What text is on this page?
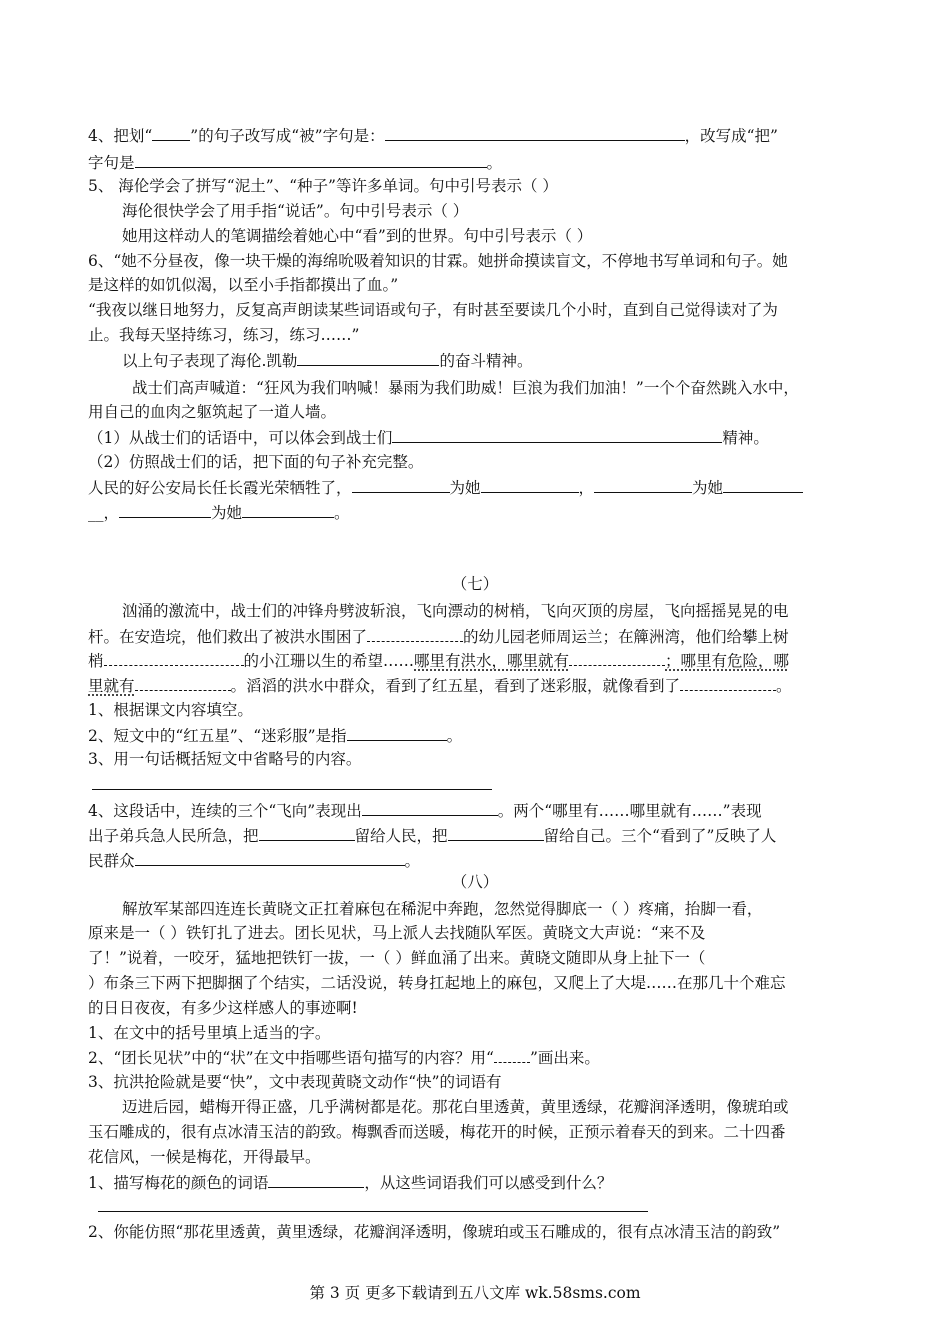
4、把划“ ”的句子改写成“被”字句是：	，改写成“把”
字句是	。
5、 海伦学会了拼写“泥土”、“种子”等许多单词。句中引号表示（ ）
海伦很快学会了用手指“说话”。句中引号表示（ ）
她用这样动人的笔调描绘着她心中“看”到的世界。句中引号表示（ ）
6、“她不分昼夜，像一块干燥的海绵吮吸着知识的甘霖。她拼命摸读盲文，不停地书写单词和句子。她
是这样的如饥似渴，以至小手指都摸出了血。”
“我夜以继日地努力，反复高声朗读某些词语或句子，有时甚至要读几个小时，直到自己觉得读对了为
止。我每天坚持练习，练习，练习……”
以上句子表现了海伦.凯勒	的奋斗精神。
战士们高声喊道：“狂风为我们呐喊！暴雨为我们助威！巨浪为我们加油！”一个个奋然跳入水中，
用自己的血肉之躯筑起了一道人墙。
（1）从战士们的话语中，可以体会到战士们	精神。
（2）仿照战士们的话，把下面的句子补充完整。
人民的好公安局长任长霞光荣牺牲了，	为她	，	为她
__，	为她	。
（七）
汹涌的激流中，战士们的冲锋舟劈波斩浪，飞向漂动的树梢，飞向灭顶的房屋，飞向摇摇晃晃的电
杆。在安造垸，他们救出了被洪水围困了	的幼儿园老师周运兰；在簰洲湾，他们给攀上树
梢	的小江珊以生的希望……哪里有洪水，哪里就有	；哪里有危险，哪
里就有	。滔滔的洪水中群众，看到了红五星，看到了迷彩服，就像看到了	。
1、根据课文内容填空。
2、短文中的“红五星”、“迷彩服”是指	。
3、用一句话概括短文中省略号的内容。
4、这段话中，连续的三个“飞向”表现出	。两个“哪里有……哪里就有……”表现
出子弟兵急人民所急，把	留给人民，把	留给自己。三个“看到了”反映了人
民群众	。
（八）
解放军某部四连连长黄晓文正扛着麻包在稀泥中奔跑，忽然觉得脚底一（ ）疼痛，抬脚一看，
原来是一（ ）铁钉扎了进去。团长见状，马上派人去找随队军医。黄晓文大声说：“来不及
了！”说着，一咬牙，猛地把铁钉一拔，一（ ）鲜血涌了出来。黄晓文随即从身上扯下一（
）布条三下两下把脚捆了个结实，二话没说，转身扛起地上的麻包，又爬上了大堤……在那几十个难忘
的日日夜夜，有多少这样感人的事迹啊!
1、在文中的括号里填上适当的字。
2、“团长见状”中的“状”在文中指哪些语句描写的内容？用“ ”画出来。
3、抗洪抢险就是要“快”，文中表现黄晓文动作“快”的词语有
迈进后园，蜡梅开得正盛，几乎满树都是花。那花白里透黄，黄里透绿，花瓣润泽透明，像琥珀或
玉石雕成的，很有点冰清玉洁的韵致。梅飘香而送暖，梅花开的时候，正预示着春天的到来。二十四番
花信风，一候是梅花，开得最早。
1、描写梅花的颜色的词语	，从这些词语我们可以感受到什么？
2、你能仿照“那花里透黄，黄里透绿，花瓣润泽透明，像琥珀或玉石雕成的，很有点冰清玉洁的韵致”
第 3 页 更多下载请到五八文库 wk.58sms.com
